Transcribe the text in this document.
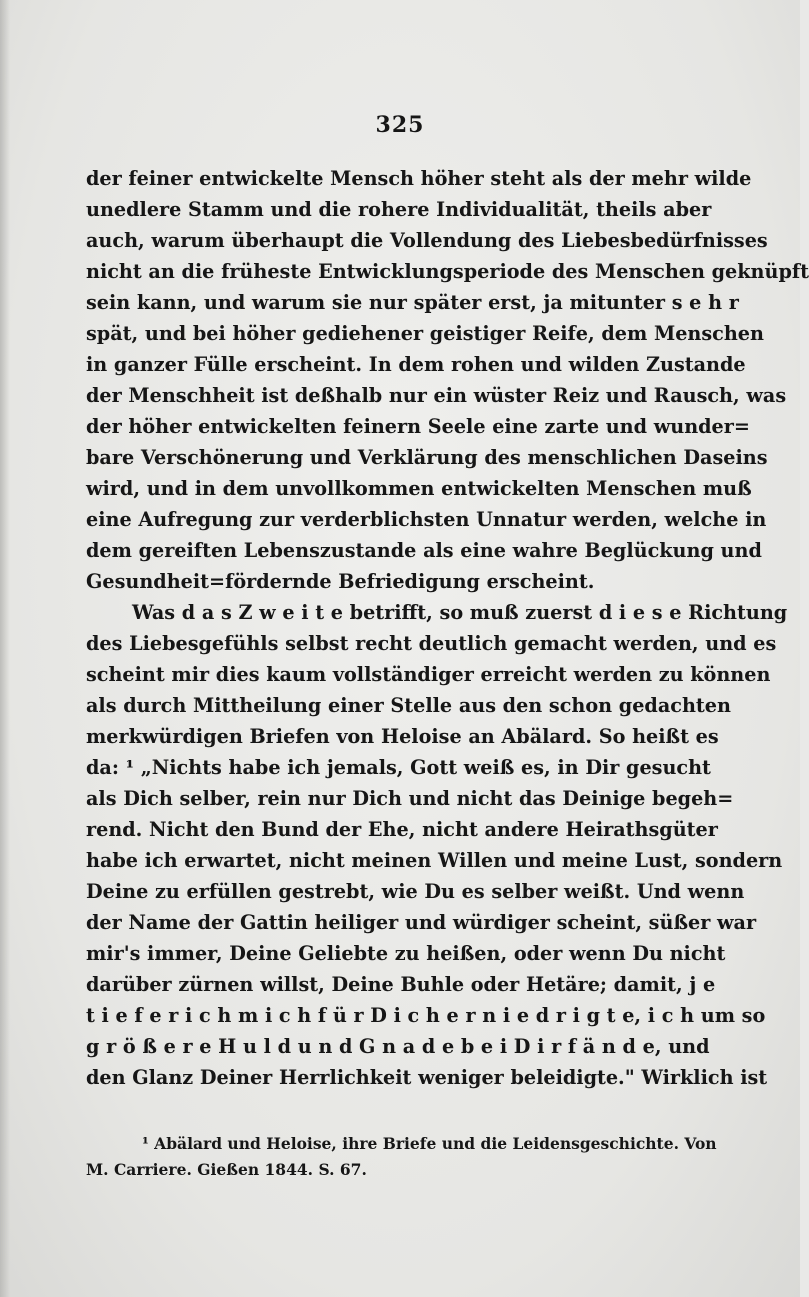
325
der feiner entwickelte Mensch höher steht als der mehr wilde
unedlere Stamm und die rohere Individualität, theils aber
auch, warum überhaupt die Vollendung des Liebesbedürfnisses
nicht an die früheste Entwicklungsperiode des Menschen geknüpft
sein kann, und warum sie nur später erst, ja mitunter s e h r
spät, und bei höher gediehener geistiger Reife, dem Menschen
in ganzer Fülle erscheint. In dem rohen und wilden Zustande
der Menschheit ist deßhalb nur ein wüster Reiz und Rausch, was
der höher entwickelten feinern Seele eine zarte und wunder=
bare Verschönerung und Verklärung des menschlichen Daseins
wird, und in dem unvollkommen entwickelten Menschen muß
eine Aufregung zur verderblichsten Unnatur werden, welche in
dem gereiften Lebenszustande als eine wahre Beglückung und
Gesundheit=fördernde Befriedigung erscheint.
Was d a s Z w e i t e betrifft, so muß zuerst d i e s e Richtung
des Liebesgefühls selbst recht deutlich gemacht werden, und es
scheint mir dies kaum vollständiger erreicht werden zu können
als durch Mittheilung einer Stelle aus den schon gedachten
merkwürdigen Briefen von Heloise an Abälard. So heißt es
da: ¹ „Nichts habe ich jemals, Gott weiß es, in Dir gesucht
als Dich selber, rein nur Dich und nicht das Deinige begeh=
rend. Nicht den Bund der Ehe, nicht andere Heirathsgüter
habe ich erwartet, nicht meinen Willen und meine Lust, sondern
Deine zu erfüllen gestrebt, wie Du es selber weißt. Und wenn
der Name der Gattin heiliger und würdiger scheint, süßer war
mir's immer, Deine Geliebte zu heißen, oder wenn Du nicht
darüber zürnen willst, Deine Buhle oder Hetäre; damit, j e
t i e f e r i c h m i c h f ü r D i c h e r n i e d r i g t e, i c h um so
g r ö ß e r e H u l d u n d G n a d e b e i D i r f ä n d e, und
den Glanz Deiner Herrlichkeit weniger beleidigte." Wirklich ist
¹ Abälard und Heloise, ihre Briefe und die Leidensgeschichte. Von
M. Carriere. Gießen 1844. S. 67.
